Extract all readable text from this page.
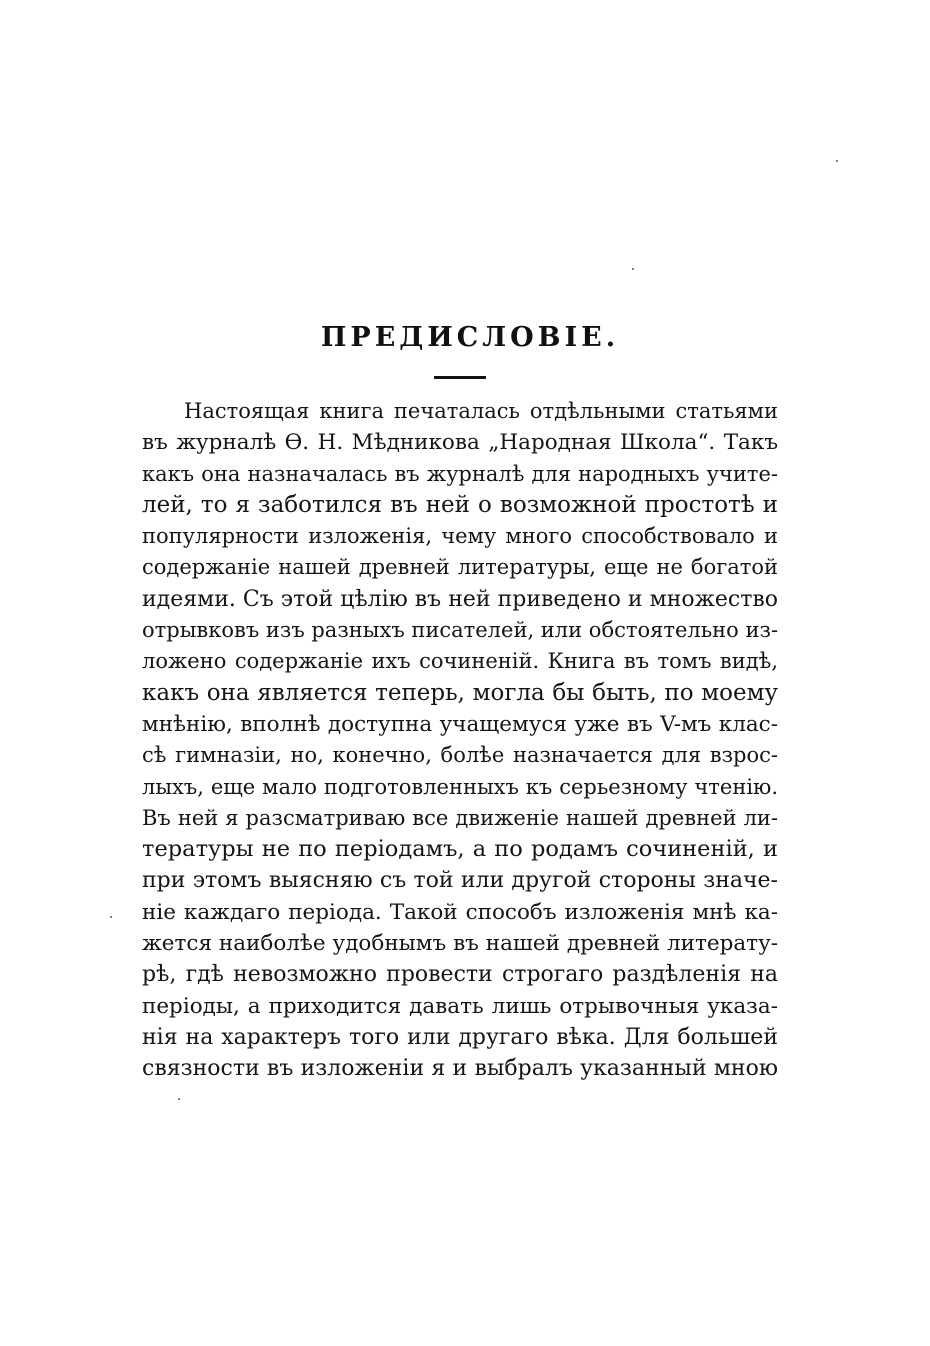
ПРЕДИСЛОВІЕ.
Настоящая книга печаталась отдѣльными статьями
въ журналѣ Ѳ. Н. Мѣдникова „Народная Школа“. Такъ
какъ она назначалась въ журналѣ для народныхъ учите-
лей, то я заботился въ ней о возможной простотѣ и
популярности изложенія, чему много способствовало и
содержаніе нашей древней литературы, еще не богатой
идеями. Съ этой цѣлію въ ней приведено и множество
отрывковъ изъ разныхъ писателей, или обстоятельно из-
ложено содержаніе ихъ сочиненій. Книга въ томъ видѣ,
какъ она является теперь, могла бы быть, по моему
мнѣнію, вполнѣ доступна учащемуся уже въ V-мъ клас-
сѣ гимназіи, но, конечно, болѣе назначается для взрос-
лыхъ, еще мало подготовленныхъ къ серьезному чтенію.
Въ ней я разсматриваю все движеніе нашей древней ли-
тературы не по періодамъ, а по родамъ сочиненій, и
при этомъ выясняю съ той или другой стороны значе-
ніе каждаго періода. Такой способъ изложенія мнѣ ка-
жется наиболѣе удобнымъ въ нашей древней литерату-
рѣ, гдѣ невозможно провести строгаго раздѣленія на
періоды, а приходится давать лишь отрывочныя указа-
нія на характеръ того или другаго вѣка. Для большей
связности въ изложеніи я и выбралъ указанный мною
